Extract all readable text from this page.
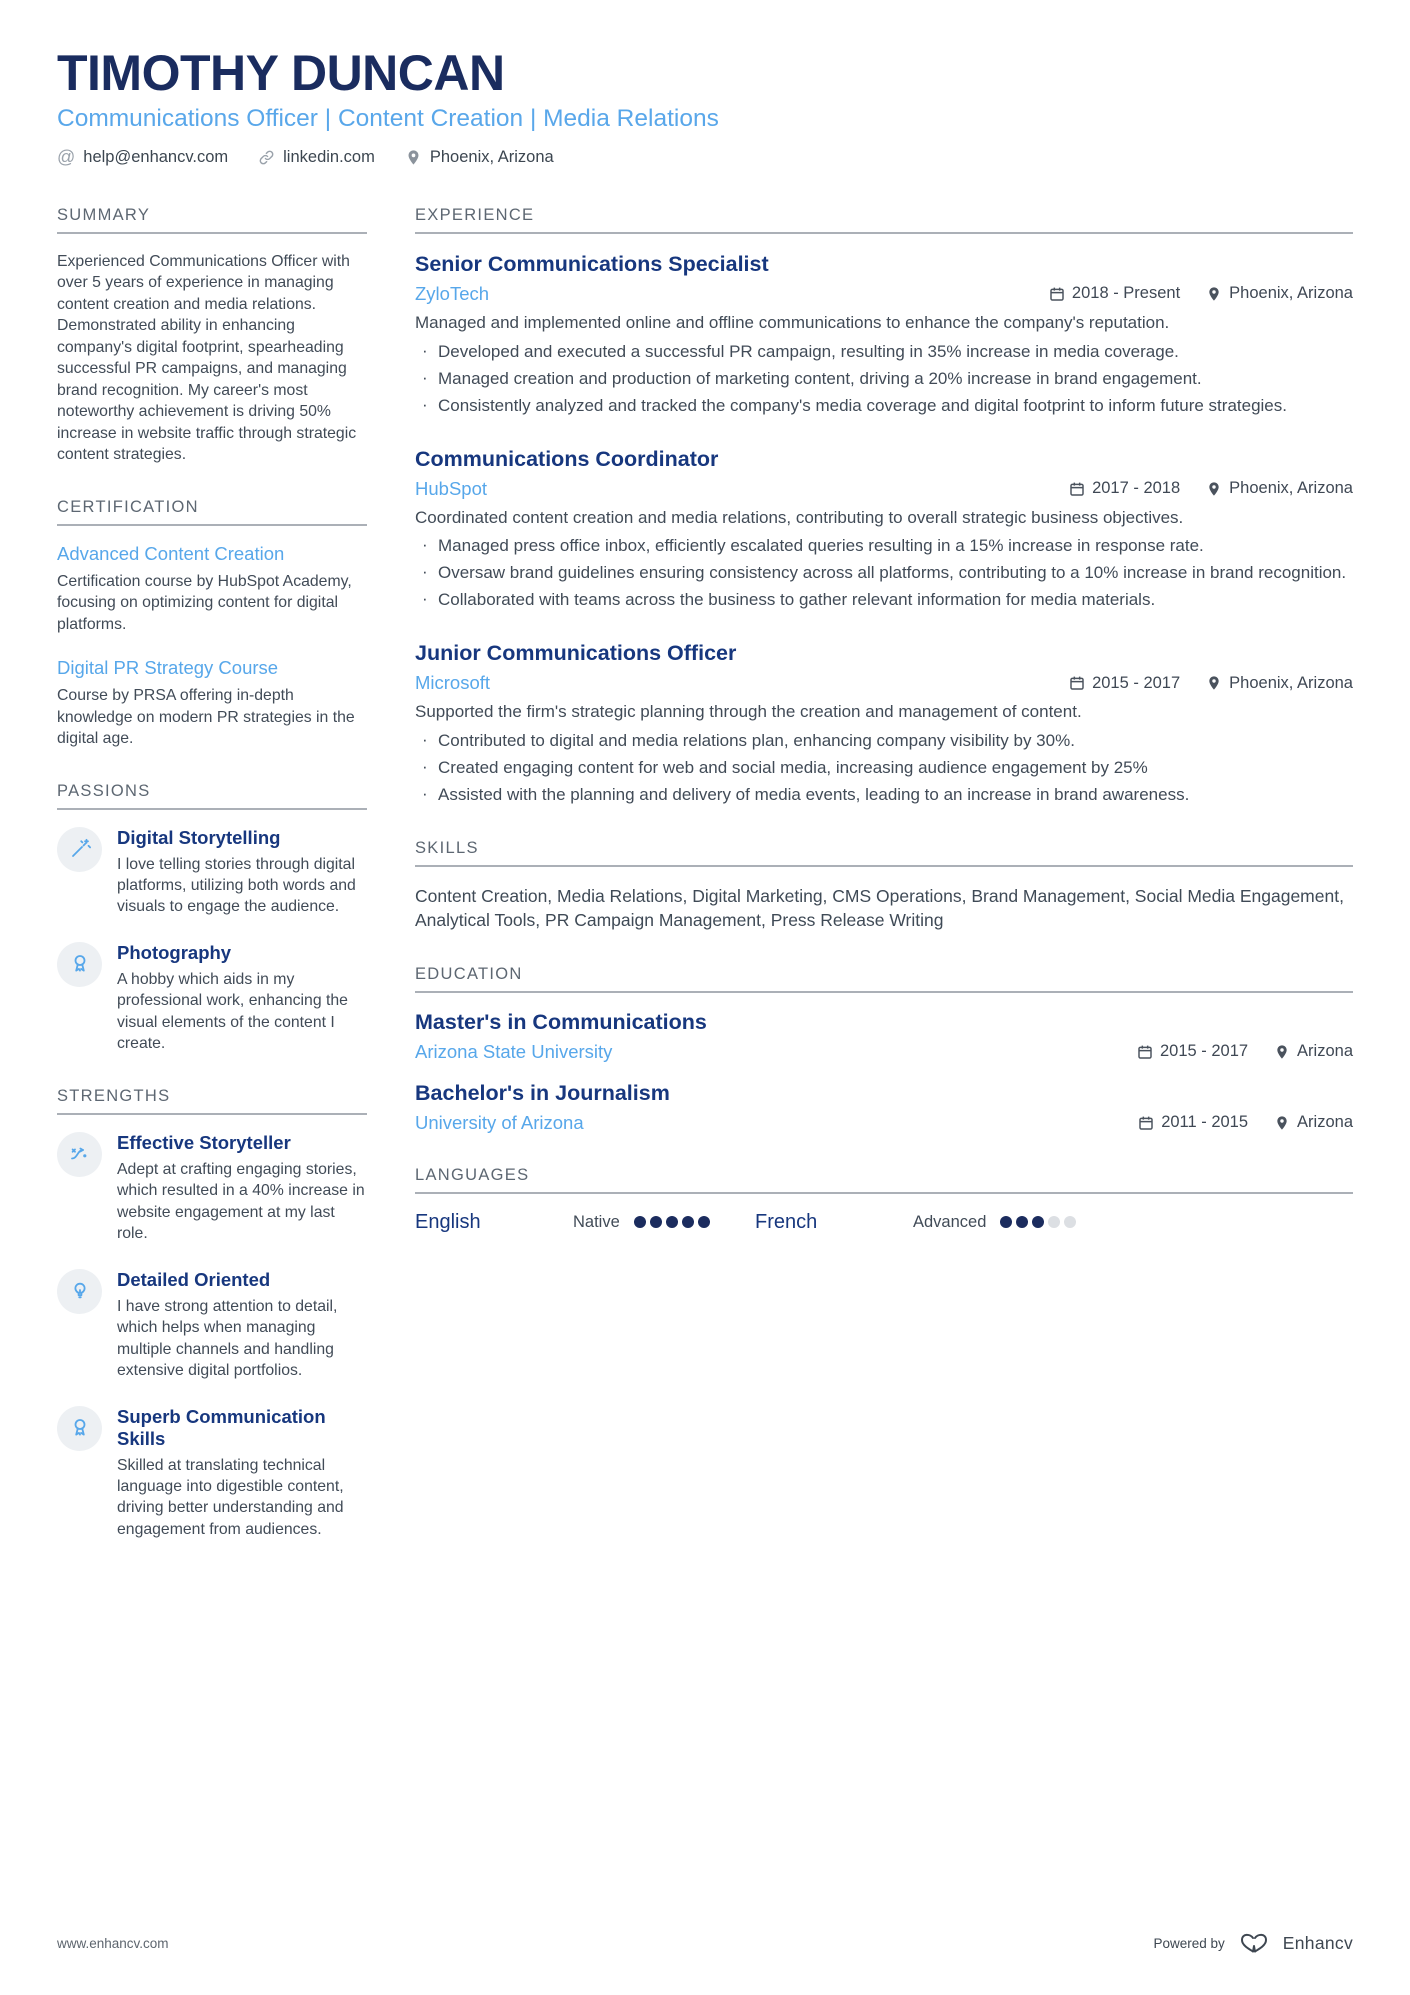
TIMOTHY DUNCAN
Communications Officer | Content Creation | Media Relations
@ help@enhancv.com	linkedin.com	Phoenix, Arizona
SUMMARY

Experienced Communications Officer with over 5 years of experience in managing content creation and media relations. Demonstrated ability in enhancing company's digital footprint, spearheading successful PR campaigns, and managing brand recognition. My career's most noteworthy achievement is driving 50% increase in website traffic through strategic content strategies.

CERTIFICATION
Advanced Content Creation
Certification course by HubSpot Academy, focusing on optimizing content for digital platforms.
Digital PR Strategy Course
Course by PRSA offering in-depth knowledge on modern PR strategies in the digital age.
PASSIONS
Digital Storytelling
I love telling stories through digital platforms, utilizing both words and visuals to engage the audience.
Photography
A hobby which aids in my professional work, enhancing the visual elements of the content I create.
STRENGTHS
Effective Storyteller
Adept at crafting engaging stories, which resulted in a 40% increase in website engagement at my last role.
Detailed Oriented
I have strong attention to detail, which helps when managing multiple channels and handling extensive digital portfolios.
Superb Communication Skills
Skilled at translating technical language into digestible content, driving better understanding and engagement from audiences.
EXPERIENCE
Senior Communications Specialist
ZyloTech	2018 - Present	Phoenix, Arizona
Managed and implemented online and offline communications to enhance the company's reputation.
· Developed and executed a successful PR campaign, resulting in 35% increase in media coverage.
· Managed creation and production of marketing content, driving a 20% increase in brand engagement.
· Consistently analyzed and tracked the company's media coverage and digital footprint to inform future strategies.
Communications Coordinator
HubSpot	2017 - 2018	Phoenix, Arizona
Coordinated content creation and media relations, contributing to overall strategic business objectives.
· Managed press office inbox, efficiently escalated queries resulting in a 15% increase in response rate.
· Oversaw brand guidelines ensuring consistency across all platforms, contributing to a 10% increase in brand recognition.
· Collaborated with teams across the business to gather relevant information for media materials.
Junior Communications Officer
Microsoft	2015 - 2017	Phoenix, Arizona
Supported the firm's strategic planning through the creation and management of content.
· Contributed to digital and media relations plan, enhancing company visibility by 30%.
· Created engaging content for web and social media, increasing audience engagement by 25%
· Assisted with the planning and delivery of media events, leading to an increase in brand awareness.
SKILLS

Content Creation, Media Relations, Digital Marketing, CMS Operations, Brand Management, Social Media Engagement, Analytical Tools, PR Campaign Management, Press Release Writing

EDUCATION
Master's in Communications
Arizona State University	2015 - 2017	Arizona
Bachelor's in Journalism
University of Arizona	2011 - 2015	Arizona
LANGUAGES
English	Native	French	Advanced
www.enhancv.com	Powered by	Enhancv
